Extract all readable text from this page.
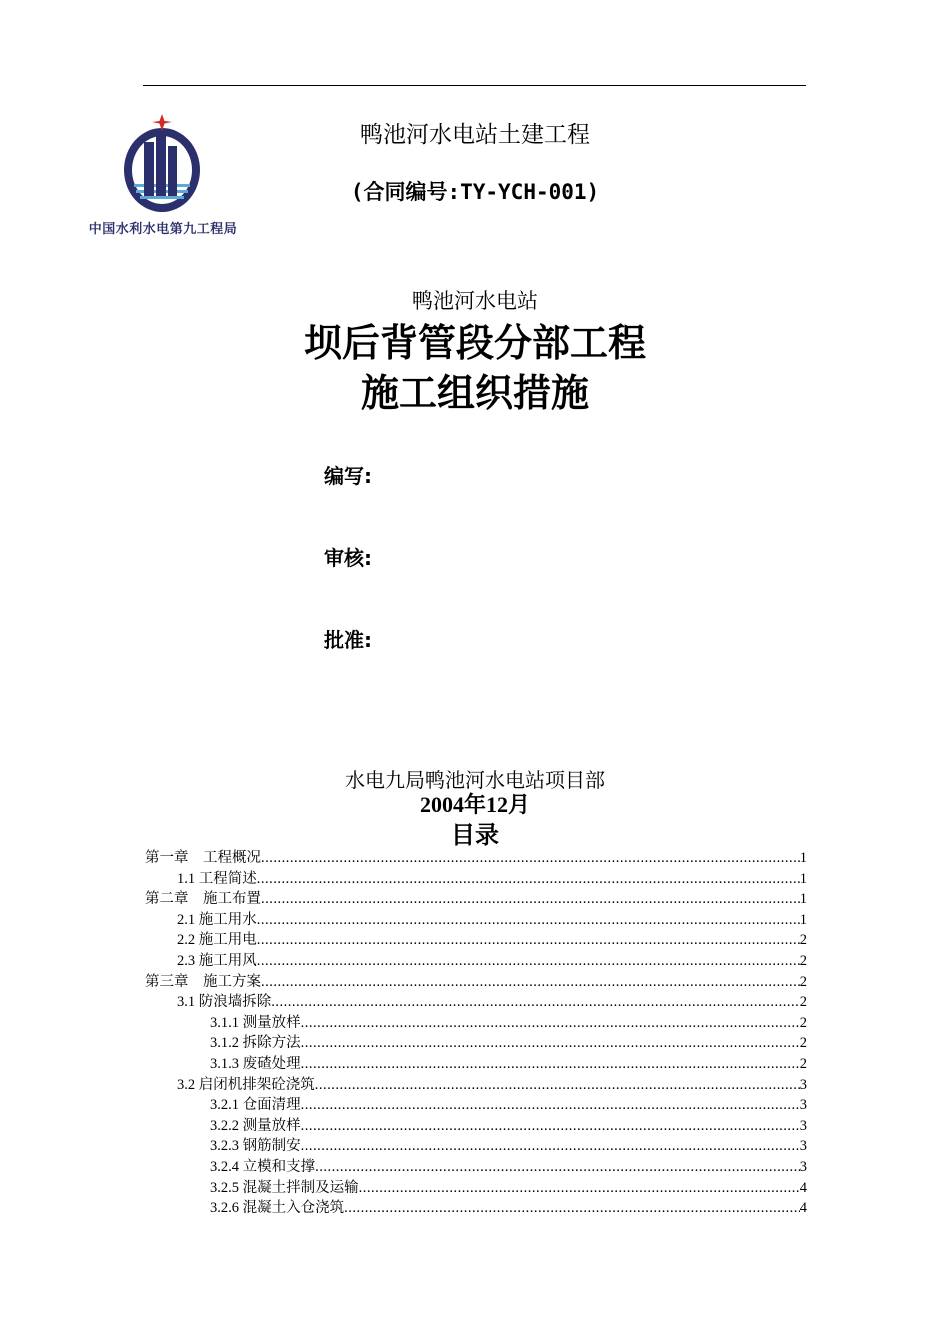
中国水利水电第九工程局
鸭池河水电站土建工程
(合同编号:TY-YCH-001)
鸭池河水电站
坝后背管段分部工程
施工组织措施
编写:
审核:
批准:
水电九局鸭池河水电站项目部
2004年12月
目录
第一章　工程概况 .....	1
1.1 工程简述 .....	1
第二章　施工布置 .....	1
2.1 施工用水 .....	1
2.2 施工用电 .....	2
2.3 施工用风 .....	2
第三章　施工方案 .....	2
3.1 防浪墙拆除 .....	2
3.1.1 测量放样 .....	2
3.1.2 拆除方法 .....	2
3.1.3 废碴处理 .....	2
3.2 启闭机排架砼浇筑 .....	3
3.2.1 仓面清理 .....	3
3.2.2 测量放样 .....	3
3.2.3 钢筋制安 .....	3
3.2.4 立模和支撑 .....	3
3.2.5 混凝土拌制及运输 .....	4
3.2.6 混凝土入仓浇筑 .....	4
